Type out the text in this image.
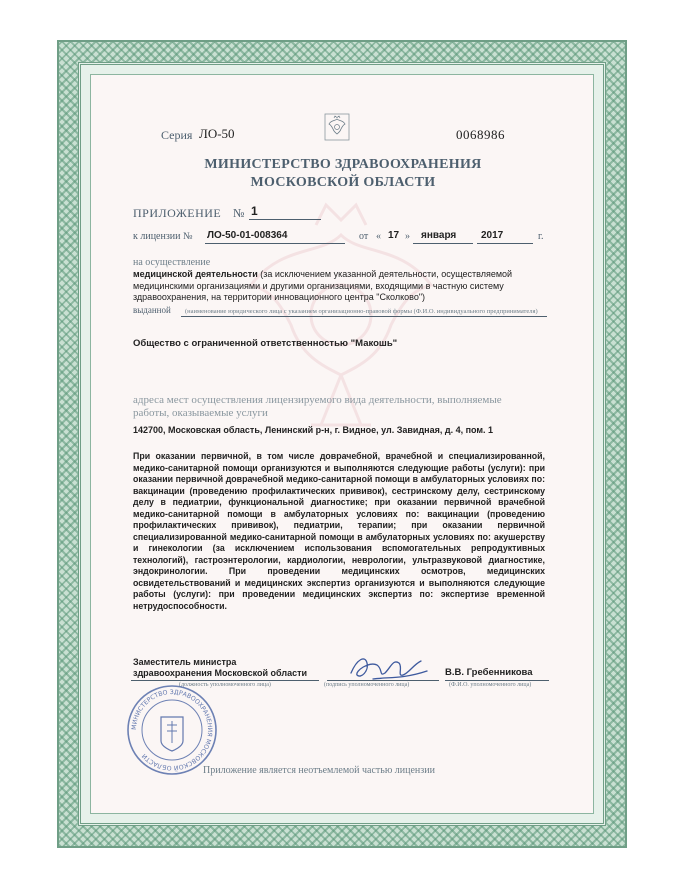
Серия ЛО-50	0068986
МИНИСТЕРСТВО ЗДРАВООХРАНЕНИЯ
МОСКОВСКОЙ ОБЛАСТИ
ПРИЛОЖЕНИЕ № 1
к лицензии № ЛО-50-01-008364	от « 17 » января 2017	г.
на осуществление
медицинской деятельности (за исключением указанной деятельности, осуществляемой медицинскими организациями и другими организациями, входящими в частную систему здравоохранения, на территории инновационного центра "Сколково")
выданной (наименование юридического лица с указанием организационно-правовой формы (Ф.И.О. индивидуального предпринимателя)
Общество с ограниченной ответственностью "Макошь"
адреса мест осуществления лицензируемого вида деятельности, выполняемые работы, оказываемые услуги
142700, Московская область, Ленинский р-н, г. Видное, ул. Завидная, д. 4, пом. 1
При оказании первичной, в том числе доврачебной, врачебной и специализированной, медико-санитарной помощи организуются и выполняются следующие работы (услуги): при оказании первичной доврачебной медико-санитарной помощи в амбулаторных условиях по: вакцинации (проведению профилактических прививок), сестринскому делу, сестринскому делу в педиатрии, функциональной диагностике; при оказании первичной врачебной медико-санитарной помощи в амбулаторных условиях по: вакцинации (проведению профилактических прививок), педиатрии, терапии; при оказании первичной специализированной медико-санитарной помощи в амбулаторных условиях по: акушерству и гинекологии (за исключением использования вспомогательных репродуктивных технологий), гастроэнтерологии, кардиологии, неврологии, ультразвуковой диагностике, эндокринологии. При проведении медицинских осмотров, медицинских освидетельствований и медицинских экспертиз организуются и выполняются следующие работы (услуги): при проведении медицинских экспертиз по: экспертизе временной нетрудоспособности.
Заместитель министра
здравоохранения Московской области
(должность уполномоченного лица)	(подпись уполномоченного лица)	(Ф.И.О. уполномоченного лица)
В.В. Гребенникова
МИНИСТЕРСТВО ЗДРАВООХРАНЕНИЯ МОСКОВСКОЙ ОБЛАСТИ
Приложение является неотъемлемой частью лицензии
